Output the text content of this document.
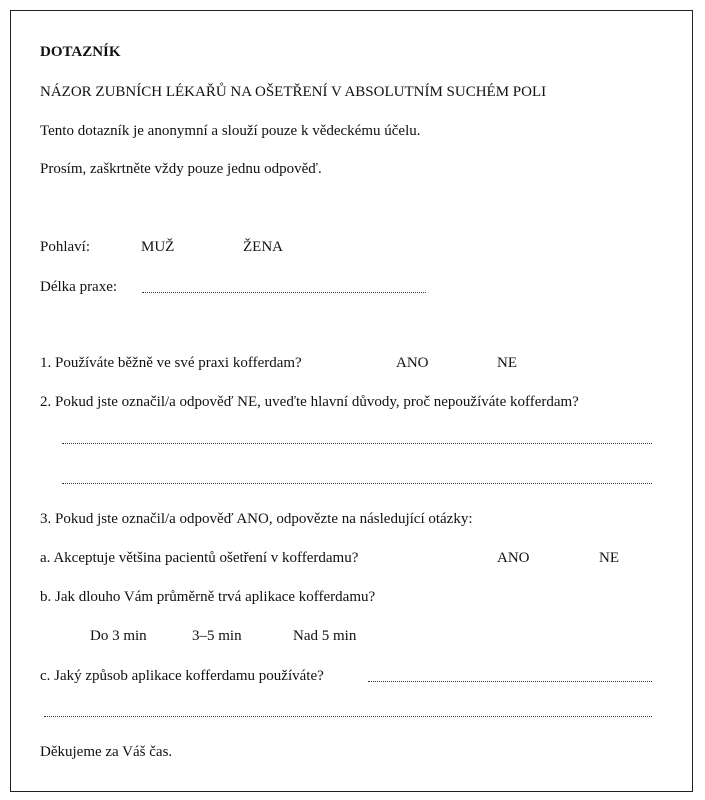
DOTAZNÍK
NÁZOR ZUBNÍCH LÉKAŘŮ NA OŠETŘENÍ V ABSOLUTNÍM SUCHÉM POLI
Tento dotazník je anonymní a slouží pouze k vědeckému účelu.
Prosím, zaškrtněte vždy pouze jednu odpověď.
Pohlaví:	MUŽ	ŽENA
Délka praxe:
1. Používáte běžně ve své praxi kofferdam?	ANO	NE
2. Pokud jste označil/a odpověď NE, uveďte hlavní důvody, proč nepoužíváte kofferdam?
3. Pokud jste označil/a odpověď ANO, odpovězte na následující otázky:
a. Akceptuje většina pacientů ošetření v kofferdamu?	ANO	NE
b. Jak dlouho Vám průměrně trvá aplikace kofferdamu?
Do 3 min	3–5 min	Nad 5 min
c. Jaký způsob aplikace kofferdamu používáte?
Děkujeme za Váš čas.
